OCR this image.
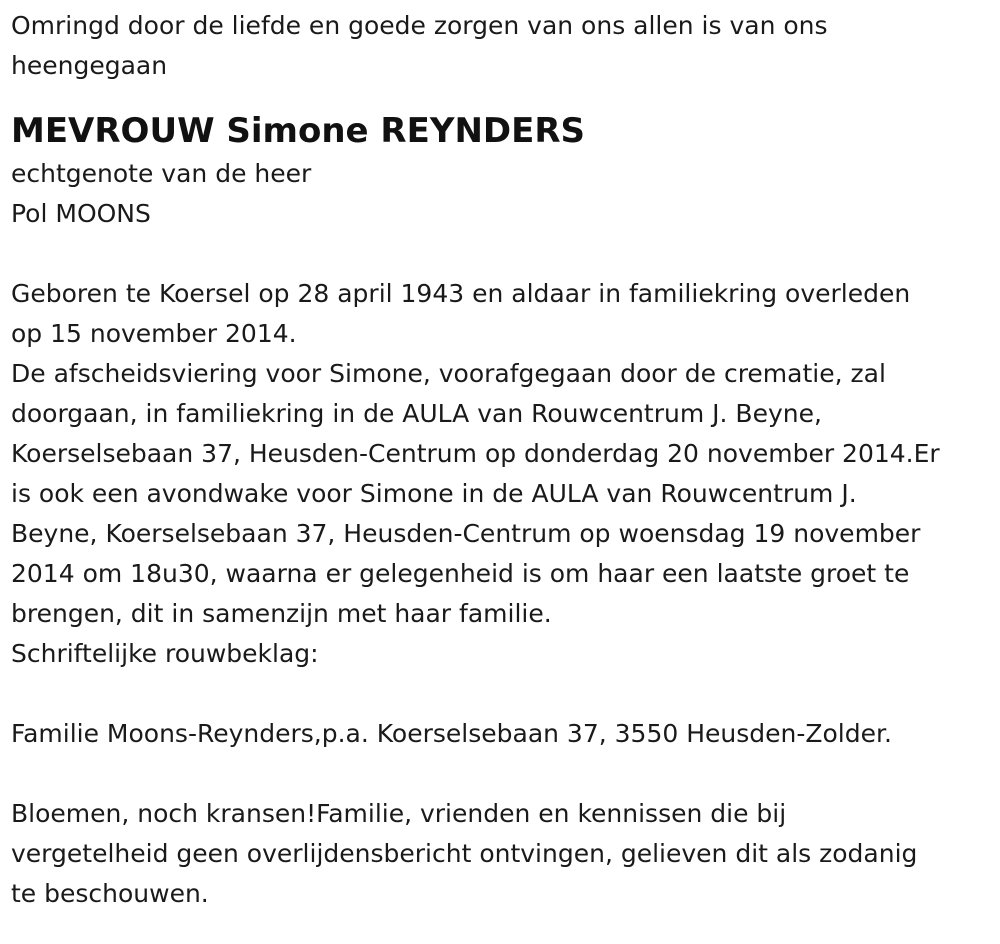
Omringd door de liefde en goede zorgen van ons allen is van ons
heengegaan
MEVROUW Simone REYNDERS
echtgenote van de heer
Pol MOONS
Geboren te Koersel op 28 april 1943 en aldaar in familiekring overleden
op 15 november 2014.
De afscheidsviering voor Simone, voorafgegaan door de crematie, zal
doorgaan, in familiekring in de AULA van Rouwcentrum J. Beyne,
Koerselsebaan 37, Heusden-Centrum op donderdag 20 november 2014.Er
is ook een avondwake voor Simone in de AULA van Rouwcentrum J.
Beyne, Koerselsebaan 37, Heusden-Centrum op woensdag 19 november
2014 om 18u30, waarna er gelegenheid is om haar een laatste groet te
brengen, dit in samenzijn met haar familie.
Schriftelijke rouwbeklag:
Familie Moons-Reynders,p.a. Koerselsebaan 37, 3550 Heusden-Zolder.
Bloemen, noch kransen!Familie, vrienden en kennissen die bij
vergetelheid geen overlijdensbericht ontvingen, gelieven dit als zodanig
te beschouwen.
